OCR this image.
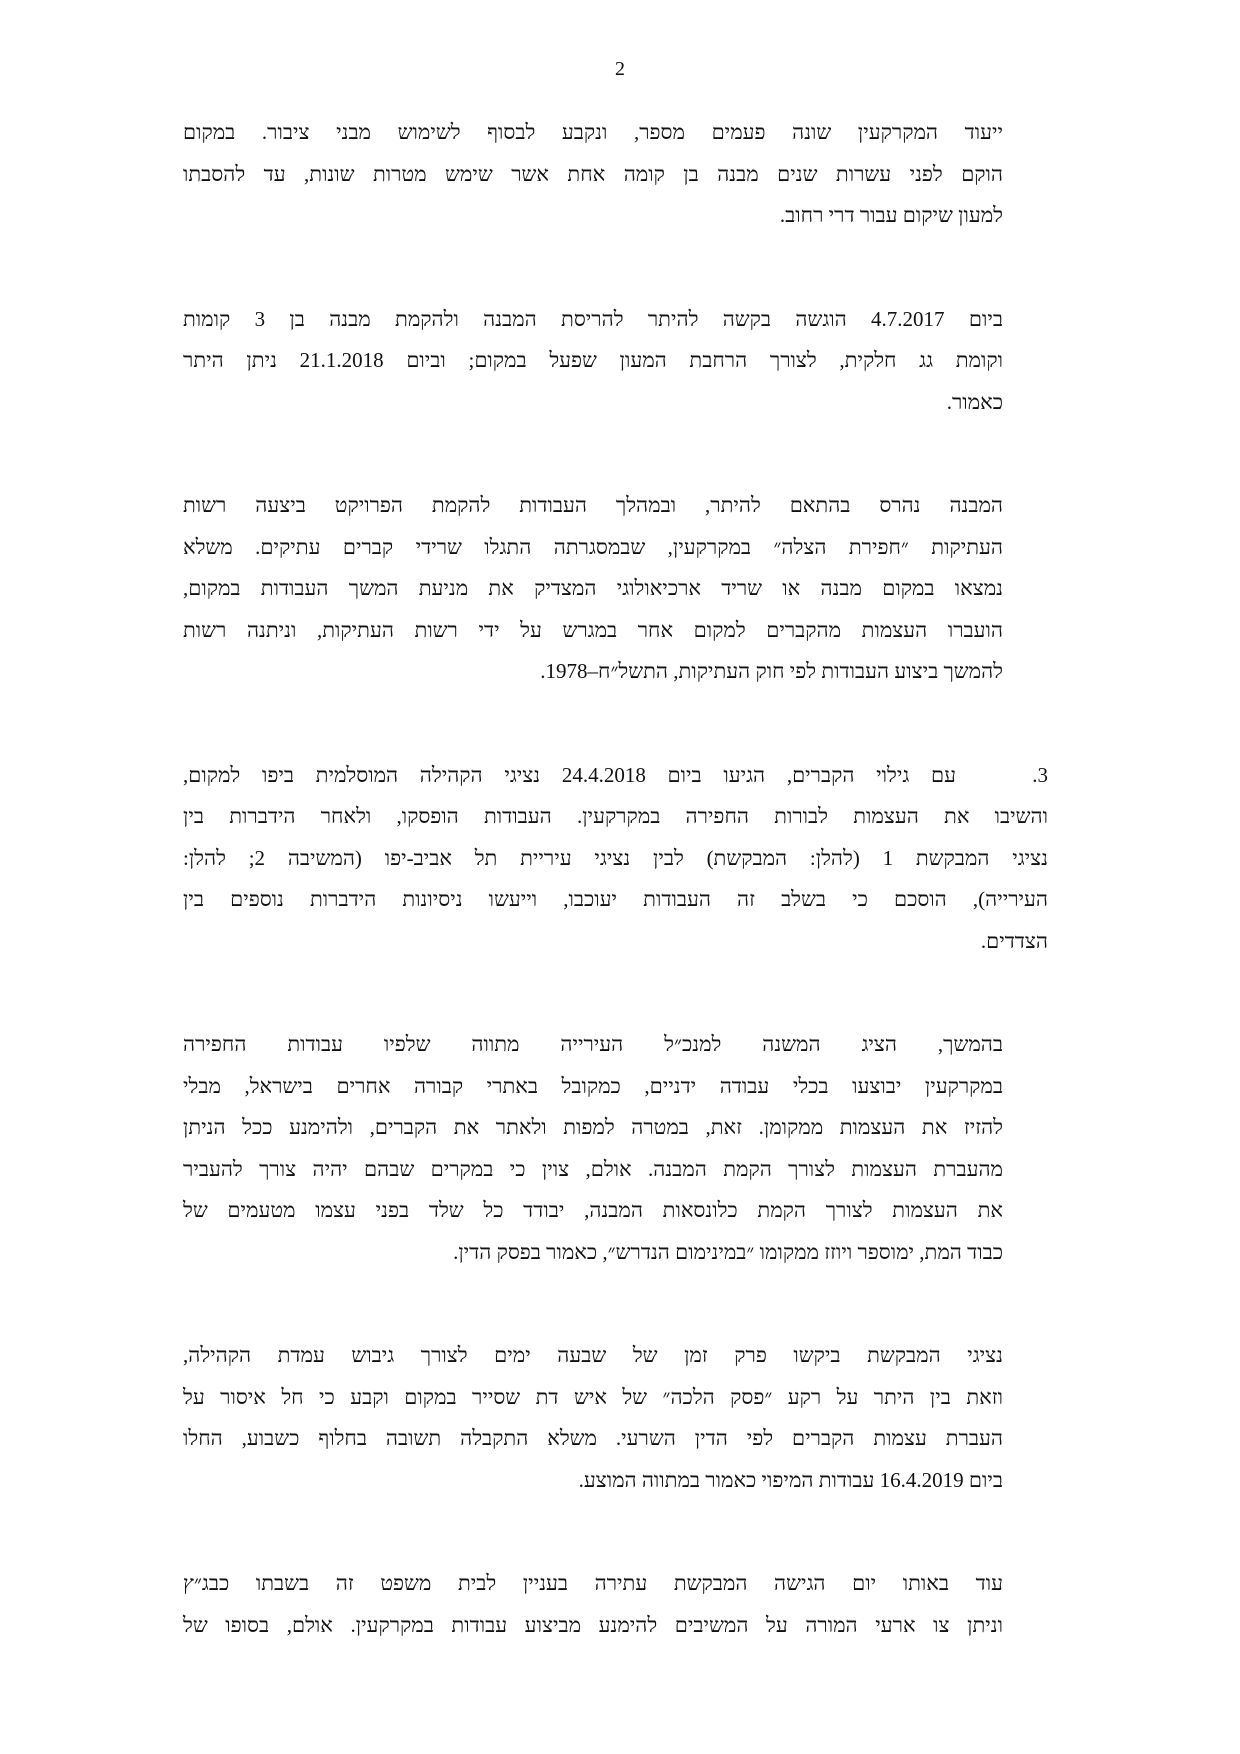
2

ייעוד המקרקעין שונה פעמים מספר, ונקבע לבסוף לשימוש מבני ציבור. במקום
הוקם לפני עשרות שנים מבנה בן קומה אחת אשר שימש מטרות שונות, עד להסבתו
למעון שיקום עבור דרי רחוב.

ביום 4.7.2017 הוגשה בקשה להיתר להריסת המבנה ולהקמת מבנה בן 3 קומות
וקומת גג חלקית, לצורך הרחבת המעון שפעל במקום; וביום 21.1.2018 ניתן היתר
כאמור.

המבנה נהרס בהתאם להיתר, ובמהלך העבודות להקמת הפרויקט ביצעה רשות
העתיקות ״חפירת הצלה״ במקרקעין, שבמסגרתה התגלו שרידי קברים עתיקים. משלא
נמצאו במקום מבנה או שריד ארכיאולוגי המצדיק את מניעת המשך העבודות במקום,
הועברו העצמות מהקברים למקום אחר במגרש על ידי רשות העתיקות, וניתנה רשות
להמשך ביצוע העבודות לפי חוק העתיקות, התשל״ח–1978.

3.עם גילוי הקברים, הגיעו ביום 24.4.2018 נציגי הקהילה המוסלמית ביפו למקום,
והשיבו את העצמות לבורות החפירה במקרקעין. העבודות הופסקו, ולאחר הידברות בין
נציגי המבקשת 1 (להלן: המבקשת) לבין נציגי עיריית תל אביב-יפו (המשיבה 2; להלן:
העירייה), הוסכם כי בשלב זה העבודות יעוכבו, וייעשו ניסיונות הידברות נוספים בין
הצדדים.

בהמשך, הציג המשנה למנכ״ל העירייה מתווה שלפיו עבודות החפירה
במקרקעין יבוצעו בכלי עבודה ידניים, כמקובל באתרי קבורה אחרים בישראל, מבלי
להזיז את העצמות ממקומן. זאת, במטרה למפות ולאתר את הקברים, ולהימנע ככל הניתן
מהעברת העצמות לצורך הקמת המבנה. אולם, צוין כי במקרים שבהם יהיה צורך להעביר
את העצמות לצורך הקמת כלונסאות המבנה, יבודד כל שלד בפני עצמו מטעמים של
כבוד המת, ימוספר ויוזז ממקומו ״במינימום הנדרש״, כאמור בפסק הדין.

נציגי המבקשת ביקשו פרק זמן של שבעה ימים לצורך גיבוש עמדת הקהילה,
וזאת בין היתר על רקע ״פסק הלכה״ של איש דת שסייר במקום וקבע כי חל איסור על
העברת עצמות הקברים לפי הדין השרעי. משלא התקבלה תשובה בחלוף כשבוע, החלו
ביום 16.4.2019 עבודות המיפוי כאמור במתווה המוצע.

עוד באותו יום הגישה המבקשת עתירה בעניין לבית משפט זה בשבתו כבג״ץ
וניתן צו ארעי המורה על המשיבים להימנע מביצוע עבודות במקרקעין. אולם, בסופו של
